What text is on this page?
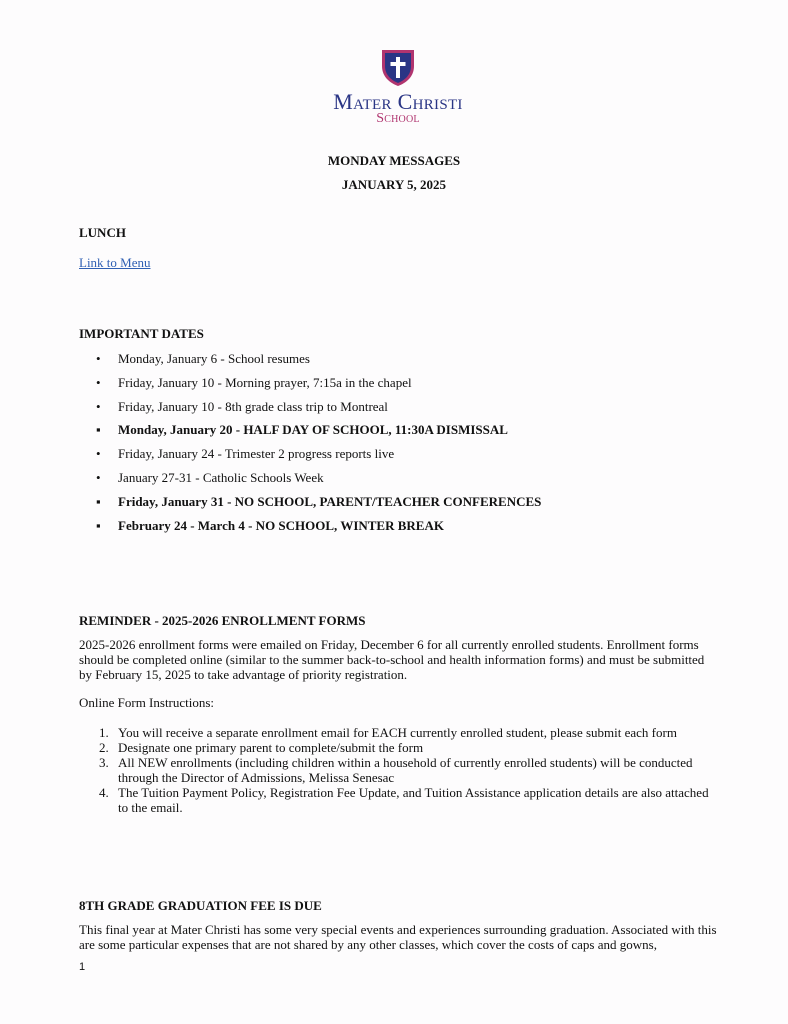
Mater Christi
School
MONDAY MESSAGES
JANUARY 5, 2025
LUNCH
Link to Menu
IMPORTANT DATES
• Monday, January 6 - School resumes
• Friday, January 10 - Morning prayer, 7:15a in the chapel
• Friday, January 10 - 8th grade class trip to Montreal
▪ Monday, January 20 - HALF DAY OF SCHOOL, 11:30A DISMISSAL
• Friday, January 24 - Trimester 2 progress reports live
• January 27-31 - Catholic Schools Week
▪ Friday, January 31 - NO SCHOOL, PARENT/TEACHER CONFERENCES
▪ February 24 - March 4 - NO SCHOOL, WINTER BREAK
REMINDER - 2025-2026 ENROLLMENT FORMS
2025-2026 enrollment forms were emailed on Friday, December 6 for all currently enrolled students. Enrollment forms should be completed online (similar to the summer back-to-school and health information forms) and must be submitted by February 15, 2025 to take advantage of priority registration.
Online Form Instructions:
1. You will receive a separate enrollment email for EACH currently enrolled student, please submit each form
2. Designate one primary parent to complete/submit the form
3. All NEW enrollments (including children within a household of currently enrolled students) will be conducted through the Director of Admissions, Melissa Senesac
4. The Tuition Payment Policy, Registration Fee Update, and Tuition Assistance application details are also attached to the email.
8TH GRADE GRADUATION FEE IS DUE
This final year at Mater Christi has some very special events and experiences surrounding graduation. Associated with this are some particular expenses that are not shared by any other classes, which cover the costs of caps and gowns,
1
